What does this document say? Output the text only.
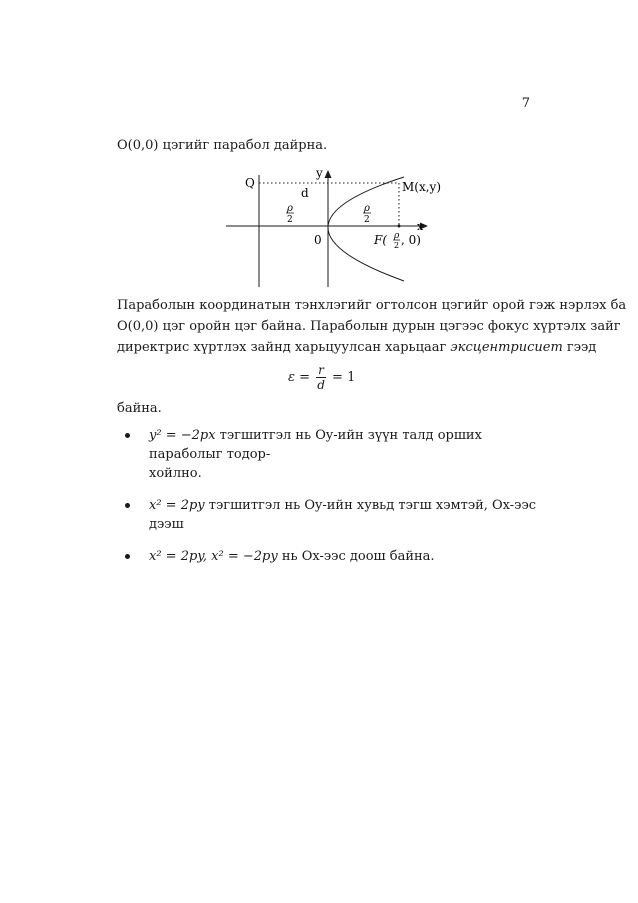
7
O(0,0) цэгийг парабол дайрна.
y
x
Q
d	M(x,y)
0
ρ
2
ρ
2
F( ρ
2 , 0)
Параболын координатын тэнхлэгийг огтолсон цэгийг орой гэж нэрлэх ба
O(0,0) цэг оройн цэг байна. Параболын дурын цэгээс фокус хүртэлх зайг
директрис хүртлэх зайнд харьцуулсан харьцааг эксцентрисиет гээд
$\varepsilon = \frac{r}{d} = 1$
байна.
y² = −2px тэгшитгэл нь Oy-ийн зүүн талд орших параболыг тодор-
хойлно.
x² = 2py тэгшитгэл нь Oy-ийн хувьд тэгш хэмтэй, Ox-ээс дээш
x² = 2py, x² = −2py нь Ox-ээс доош байна.
